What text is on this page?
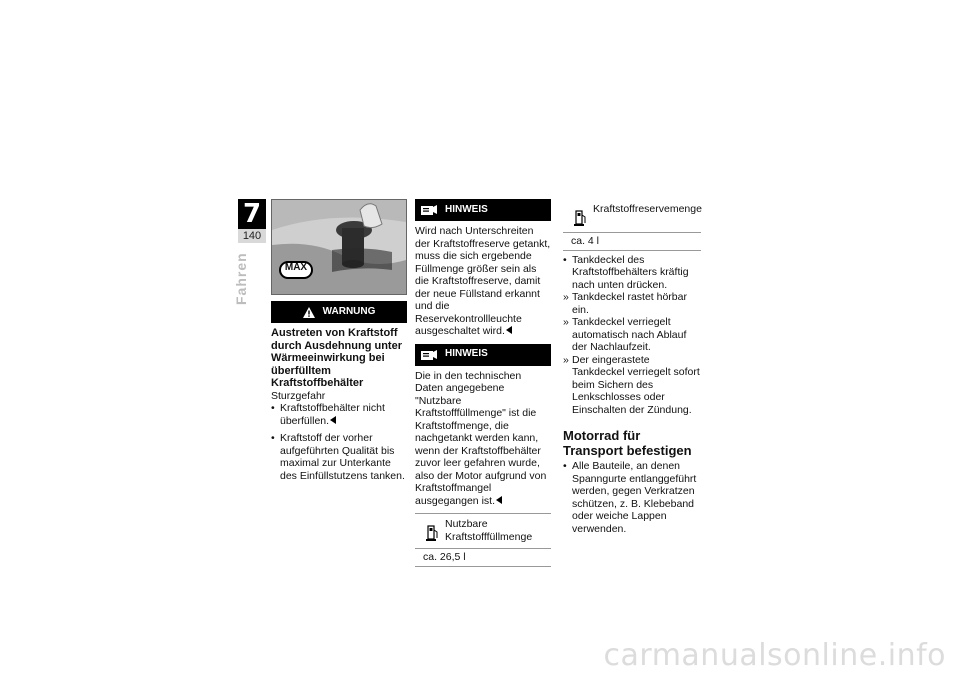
7
140
Fahren	MAX
WARNUNG
Austreten von Kraftstoff durch Ausdehnung unter Wärmeeinwirkung bei überfülltem Kraftstoffbehälter

Sturzgefahr

• Kraftstoffbehälter nicht überfüllen.
• Kraftstoff der vorher aufgeführten Qualität bis maximal zur Unterkante des Einfüllstutzens tanken.
HINWEIS

Wird nach Unterschreiten der Kraftstoffreserve getankt, muss die sich ergebende Füllmenge größer sein als die Kraftstoffreserve, damit der neue Füllstand erkannt und die Reservekontrollleuchte ausgeschaltet wird.

HINWEIS

Die in den technischen Daten angegebene "Nutzbare Kraftstofffüllmenge" ist die Kraftstoffmenge, die nachgetankt werden kann, wenn der Kraftstoffbehälter zuvor leer gefahren wurde, also der Motor aufgrund von Kraftstoffmangel ausgegangen ist.

Nutzbare Kraftstofffüllmenge
ca. 26,5 l
Kraftstoffreservemenge
ca. 4 l
• Tankdeckel des Kraftstoffbehälters kräftig nach unten drücken.
» Tankdeckel rastet hörbar ein.
» Tankdeckel verriegelt automatisch nach Ablauf der Nachlaufzeit.
» Der eingerastete Tankdeckel verriegelt sofort beim Sichern des Lenkschlosses oder Einschalten der Zündung.
Motorrad für Transport befestigen
• Alle Bauteile, an denen Spanngurte entlanggeführt werden, gegen Verkratzen schützen, z. B. Klebeband oder weiche Lappen verwenden.
carmanualsonline.info
